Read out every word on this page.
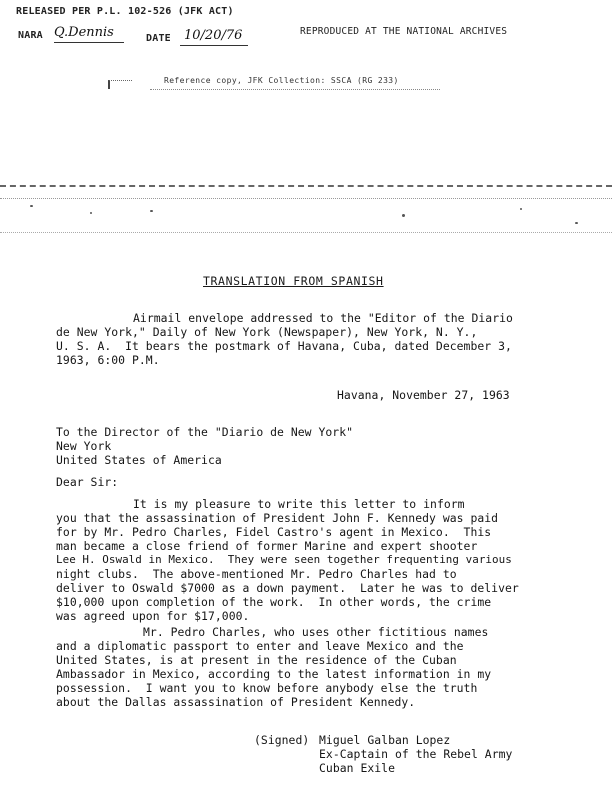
RELEASED PER P.L. 102-526 (JFK ACT)
NARA Q.Dennis	DATE 10/20/76	REPRODUCED AT THE NATIONAL ARCHIVES
Reference copy, JFK Collection: SSCA (RG 233)
TRANSLATION FROM SPANISH
Airmail envelope addressed to the "Editor of the Diario
de New York," Daily of New York (Newspaper), New York, N. Y.,
U. S. A.  It bears the postmark of Havana, Cuba, dated December 3,
1963, 6:00 P.M.
Havana, November 27, 1963
To the Director of the "Diario de New York"
New York
United States of America
Dear Sir:
It is my pleasure to write this letter to inform
you that the assassination of President John F. Kennedy was paid
for by Mr. Pedro Charles, Fidel Castro's agent in Mexico.  This
man became a close friend of former Marine and expert shooter
Lee H. Oswald in Mexico.  They were seen together frequenting various
night clubs.  The above-mentioned Mr. Pedro Charles had to
deliver to Oswald $7000 as a down payment.  Later he was to deliver
$10,000 upon completion of the work.  In other words, the crime
was agreed upon for $17,000.
Mr. Pedro Charles, who uses other fictitious names
and a diplomatic passport to enter and leave Mexico and the
United States, is at present in the residence of the Cuban
Ambassador in Mexico, according to the latest information in my
possession.  I want you to know before anybody else the truth
about the Dallas assassination of President Kennedy.
(Signed) Miguel Galban Lopez
Ex-Captain of the Rebel Army
Cuban Exile
